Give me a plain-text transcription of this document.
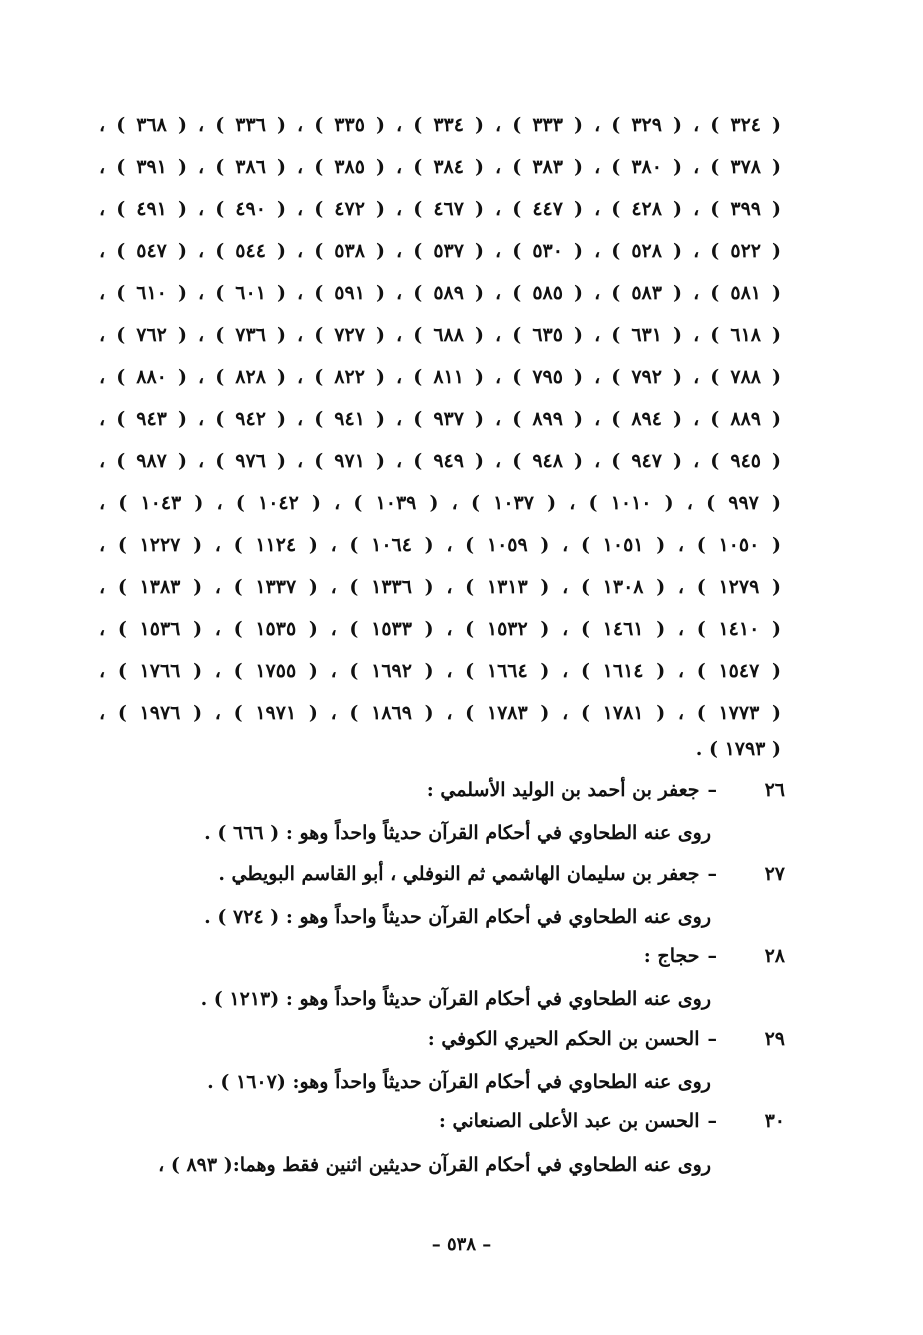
( ٣٢٤ ) ، ( ٣٢٩ ) ، ( ٣٣٣ ) ، ( ٣٣٤ ) ، ( ٣٣٥ ) ، ( ٣٣٦ ) ، ( ٣٦٨ ) ،
( ٣٧٨ ) ، ( ٣٨٠ ) ، ( ٣٨٣ ) ، ( ٣٨٤ ) ، ( ٣٨٥ ) ، ( ٣٨٦ ) ، ( ٣٩١ ) ،
( ٣٩٩ ) ، ( ٤٢٨ ) ، ( ٤٤٧ ) ، ( ٤٦٧ ) ، ( ٤٧٢ ) ، ( ٤٩٠ ) ، ( ٤٩١ ) ،
( ٥٢٢ ) ، ( ٥٢٨ ) ، ( ٥٣٠ ) ، ( ٥٣٧ ) ، ( ٥٣٨ ) ، ( ٥٤٤ ) ، ( ٥٤٧ ) ،
( ٥٨١ ) ، ( ٥٨٣ ) ، ( ٥٨٥ ) ، ( ٥٨٩ ) ، ( ٥٩١ ) ، ( ٦٠١ ) ، ( ٦١٠ ) ،
( ٦١٨ ) ، ( ٦٣١ ) ، ( ٦٣٥ ) ، ( ٦٨٨ ) ، ( ٧٢٧ ) ، ( ٧٣٦ ) ، ( ٧٦٢ ) ،
( ٧٨٨ ) ، ( ٧٩٢ ) ، ( ٧٩٥ ) ، ( ٨١١ ) ، ( ٨٢٢ ) ، ( ٨٢٨ ) ، ( ٨٨٠ ) ،
( ٨٨٩ ) ، ( ٨٩٤ ) ، ( ٨٩٩ ) ، ( ٩٣٧ ) ، ( ٩٤١ ) ، ( ٩٤٢ ) ، ( ٩٤٣ ) ،
( ٩٤٥ ) ، ( ٩٤٧ ) ، ( ٩٤٨ ) ، ( ٩٤٩ ) ، ( ٩٧١ ) ، ( ٩٧٦ ) ، ( ٩٨٧ ) ،
( ٩٩٧ ) ، ( ١٠١٠ ) ، ( ١٠٣٧ ) ، ( ١٠٣٩ ) ، ( ١٠٤٢ ) ، ( ١٠٤٣ ) ،
( ١٠٥٠ ) ، ( ١٠٥١ ) ، ( ١٠٥٩ ) ، ( ١٠٦٤ ) ، ( ١١٢٤ ) ، ( ١٢٢٧ ) ،
( ١٢٧٩ ) ، ( ١٣٠٨ ) ، ( ١٣١٣ ) ، ( ١٣٣٦ ) ، ( ١٣٣٧ ) ، ( ١٣٨٣ ) ،
( ١٤١٠ ) ، ( ١٤٦١ ) ، ( ١٥٣٢ ) ، ( ١٥٣٣ ) ، ( ١٥٣٥ ) ، ( ١٥٣٦ ) ،
( ١٥٤٧ ) ، ( ١٦١٤ ) ، ( ١٦٦٤ ) ، ( ١٦٩٢ ) ، ( ١٧٥٥ ) ، ( ١٧٦٦ ) ،
( ١٧٧٣ ) ، ( ١٧٨١ ) ، ( ١٧٨٣ ) ، ( ١٨٦٩ ) ، ( ١٩٧١ ) ، ( ١٩٧٦ ) ،
( ١٧٩٣ ) .
٢٦–جعفر بن أحمد بن الوليد الأسلمي :
روى عنه الطحاوي في أحكام القرآن حديثاً واحداً وهو : ( ٦٦٦ ) .
٢٧–جعفر بن سليمان الهاشمي ثم النوفلي ، أبو القاسم البويطي .
روى عنه الطحاوي في أحكام القرآن حديثاً واحداً وهو : ( ٧٢٤ ) .
٢٨–حجاج :
روى عنه الطحاوي في أحكام القرآن حديثاً واحداً وهو : (١٢١٣ ) .
٢٩–الحسن بن الحكم الحيري الكوفي :
روى عنه الطحاوي في أحكام القرآن حديثاً واحداً وهو: (١٦٠٧ ) .
٣٠–الحسن بن عبد الأعلى الصنعاني :
روى عنه الطحاوي في أحكام القرآن حديثين اثنين فقط وهما:( ٨٩٣ ) ،
– ٥٣٨ –
